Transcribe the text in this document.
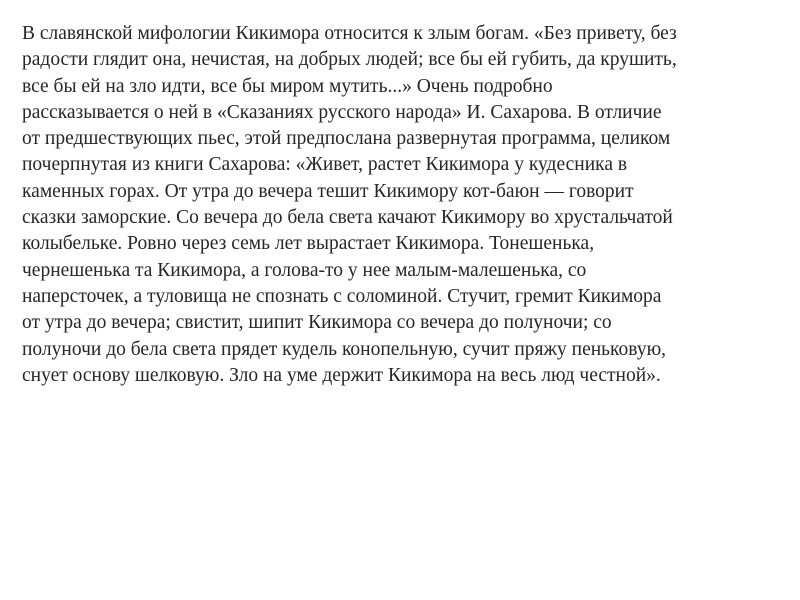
В славянской мифологии Кикимора относится к злым богам. «Без привету, без
радости глядит она, нечистая, на добрых людей; все бы ей губить, да крушить,
все бы ей на зло идти, все бы миром мутить...» Очень подробно
рассказывается о ней в «Сказаниях русского народа» И. Сахарова. В отличие
от предшествующих пьес, этой предпослана развернутая программа, целиком
почерпнутая из книги Сахарова: «Живет, растет Кикимора у кудесника в
каменных горах. От утра до вечера тешит Кикимору кот-баюн — говорит
сказки заморские. Со вечера до бела света качают Кикимору во хрустальчатой
колыбельке. Ровно через семь лет вырастает Кикимора. Тонешенька,
чернешенька та Кикимора, а голова-то у нее малым-малешенька, со
наперсточек, а туловища не спознать с соломиной. Стучит, гремит Кикимора
от утра до вечера; свистит, шипит Кикимора со вечера до полуночи; со
полуночи до бела света прядет кудель конопельную, сучит пряжу пеньковую,
снует основу шелковую. Зло на уме держит Кикимора на весь люд честной».
